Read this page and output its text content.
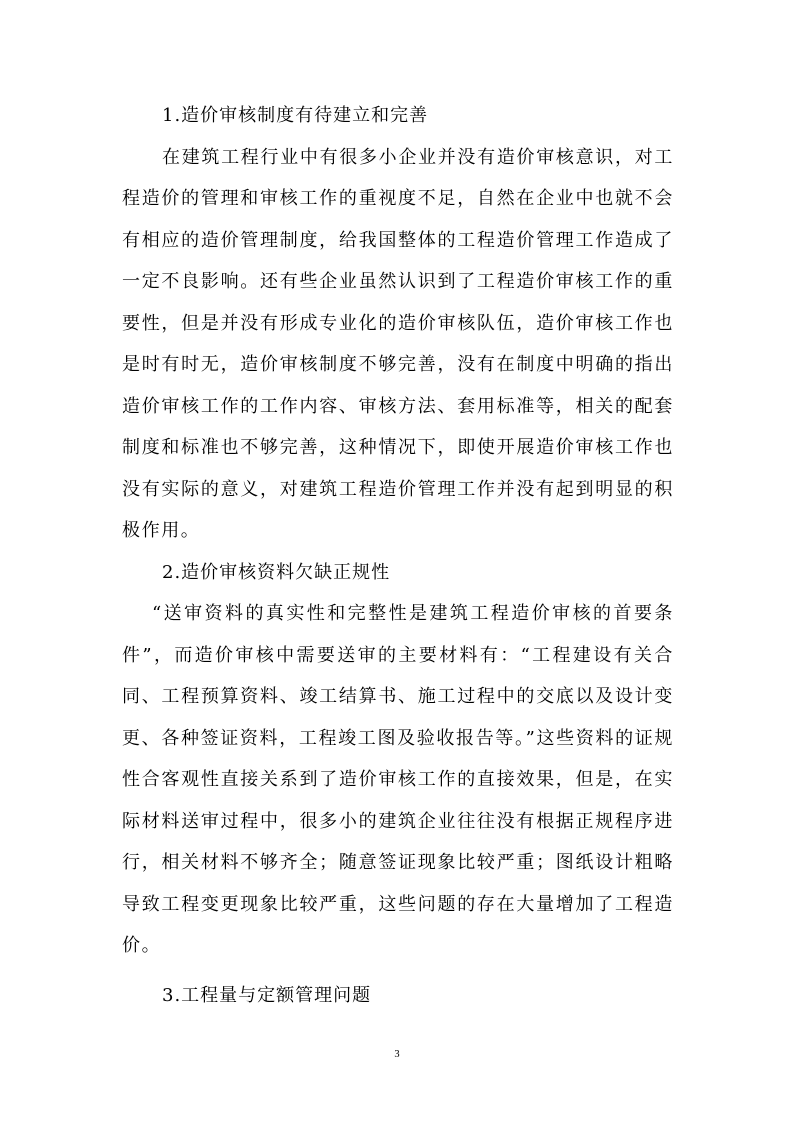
1.造价审核制度有待建立和完善

在建筑工程行业中有很多小企业并没有造价审核意识，对工程造价的管理和审核工作的重视度不足，自然在企业中也就不会有相应的造价管理制度，给我国整体的工程造价管理工作造成了一定不良影响。还有些企业虽然认识到了工程造价审核工作的重要性，但是并没有形成专业化的造价审核队伍，造价审核工作也是时有时无，造价审核制度不够完善，没有在制度中明确的指出造价审核工作的工作内容、审核方法、套用标准等，相关的配套制度和标准也不够完善，这种情况下，即使开展造价审核工作也没有实际的意义，对建筑工程造价管理工作并没有起到明显的积极作用。

2.造价审核资料欠缺正规性

“送审资料的真实性和完整性是建筑工程造价审核的首要条件”，而造价审核中需要送审的主要材料有：“工程建设有关合同、工程预算资料、竣工结算书、施工过程中的交底以及设计变更、各种签证资料，工程竣工图及验收报告等。”这些资料的证规性合客观性直接关系到了造价审核工作的直接效果，但是，在实际材料送审过程中，很多小的建筑企业往往没有根据正规程序进行，相关材料不够齐全；随意签证现象比较严重；图纸设计粗略导致工程变更现象比较严重，这些问题的存在大量增加了工程造价。

3.工程量与定额管理问题

3
